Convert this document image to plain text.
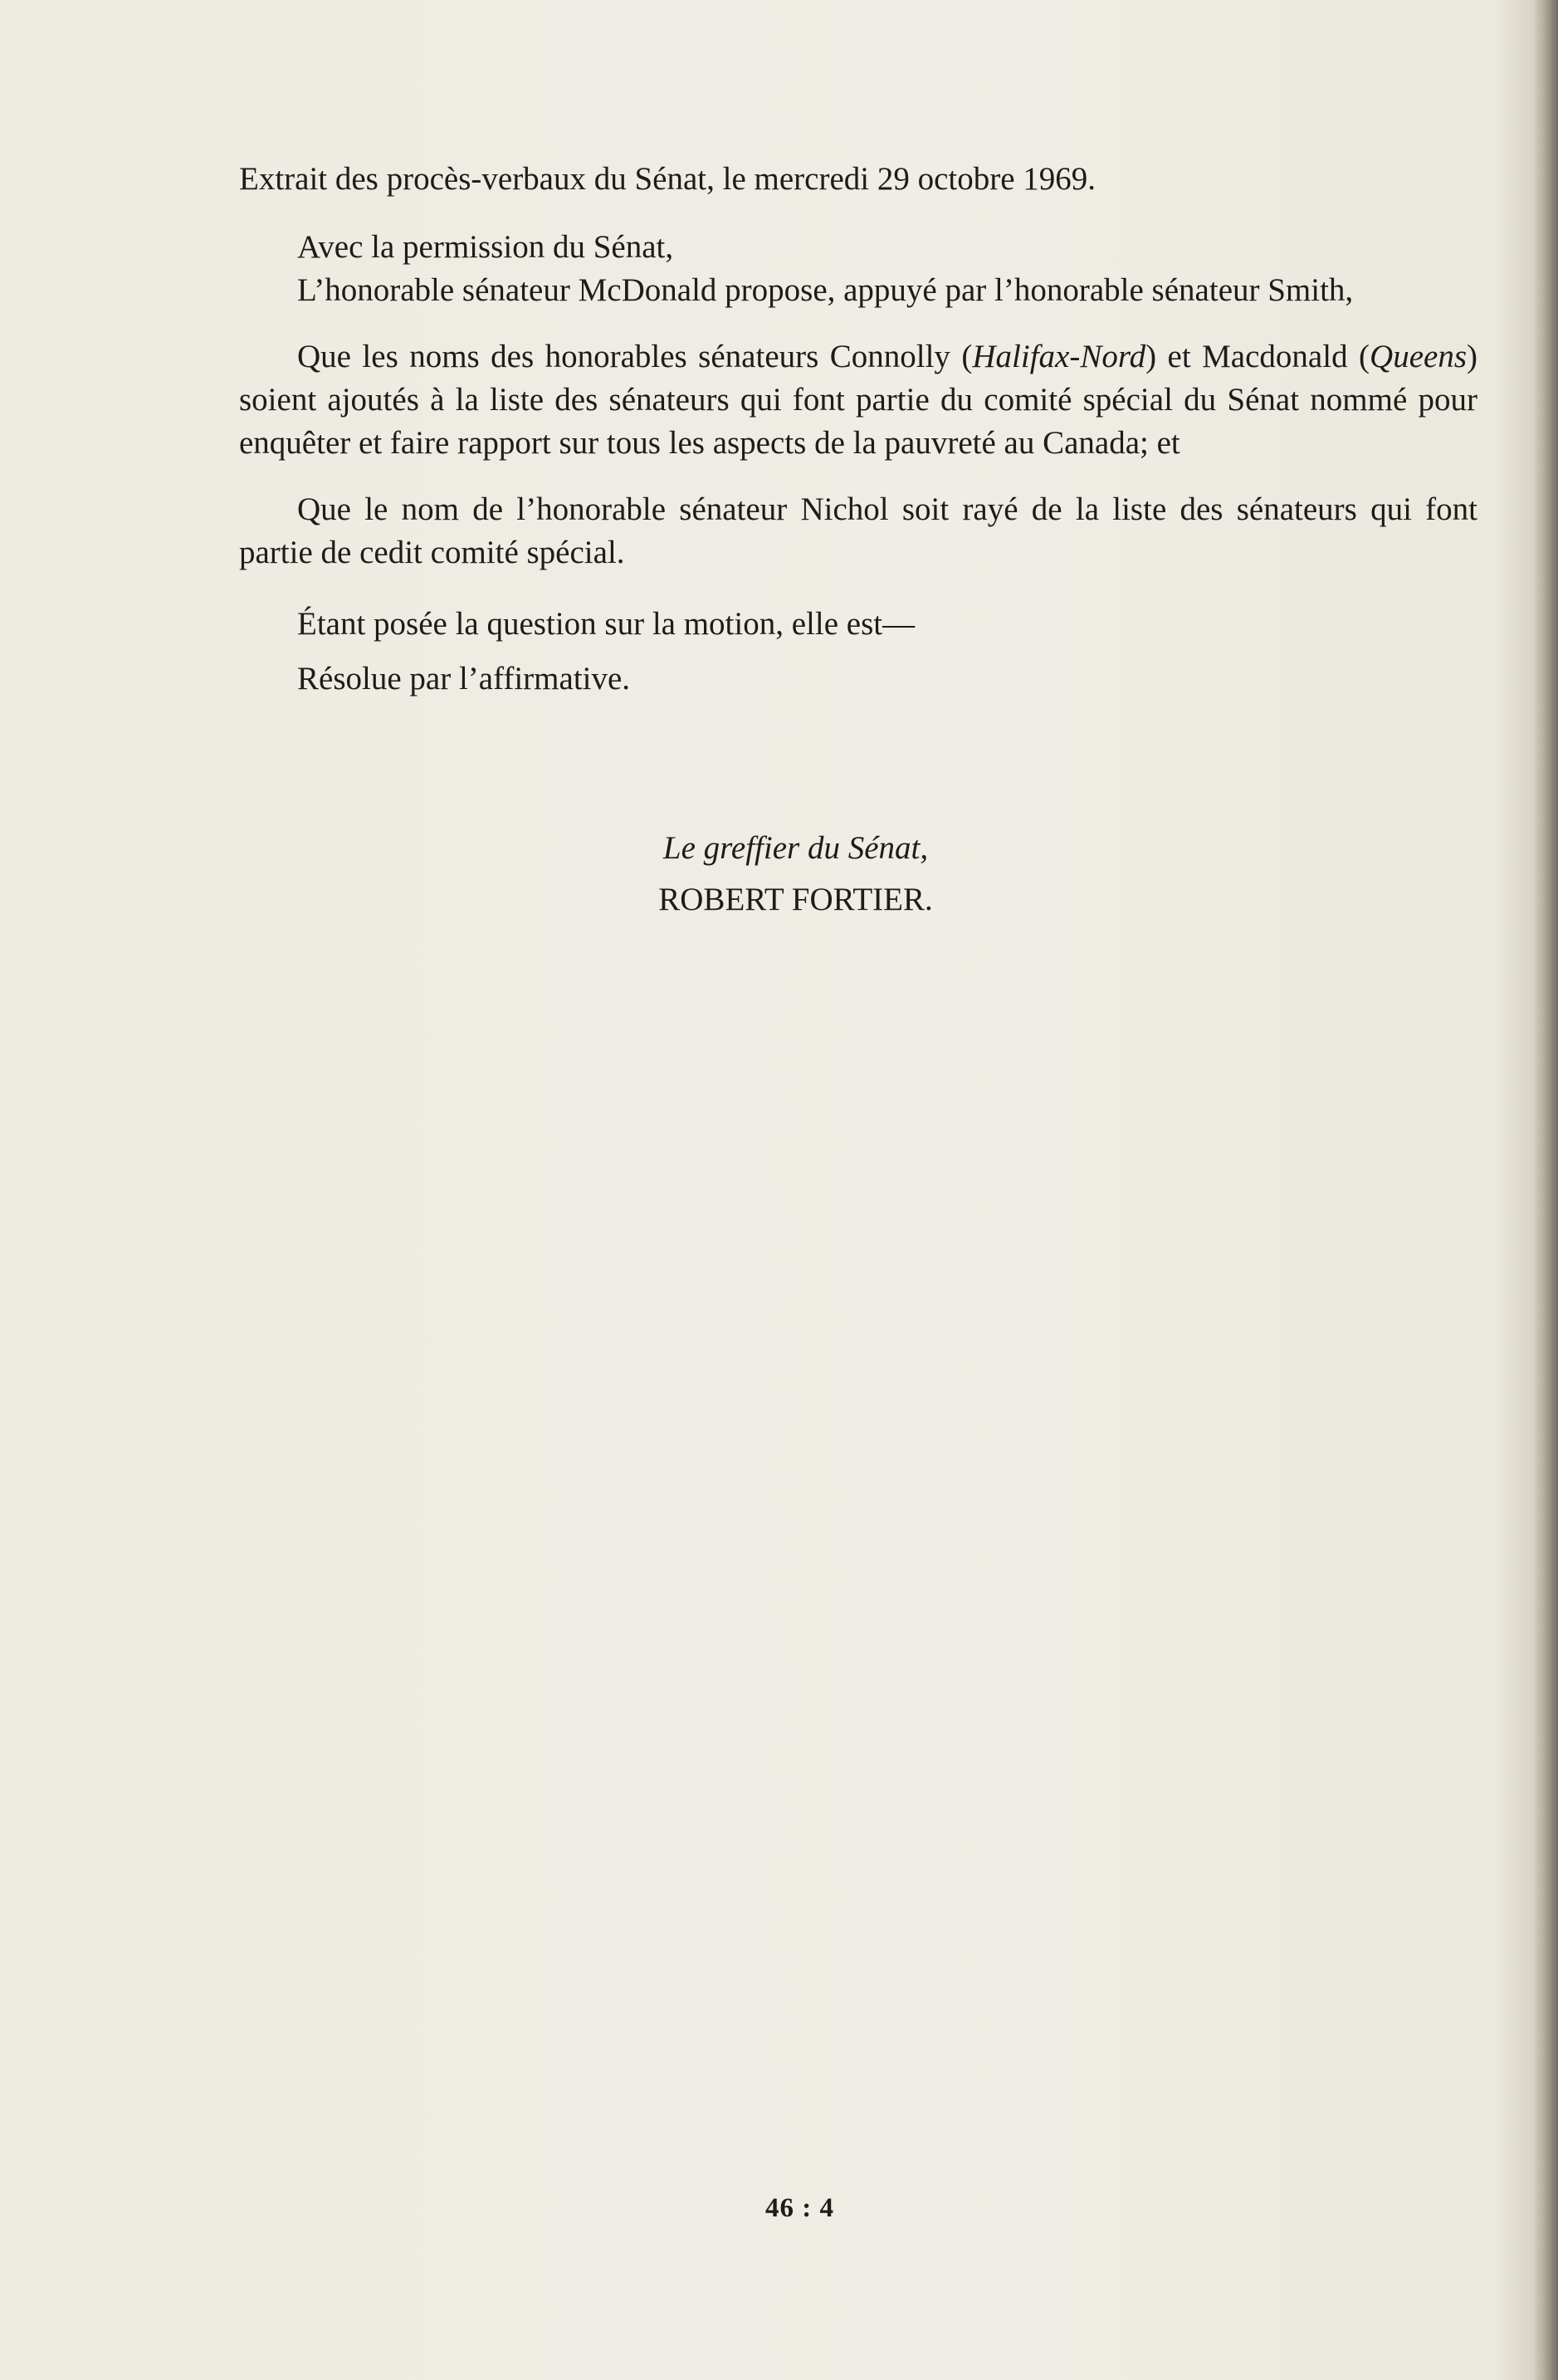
Extrait des procès-verbaux du Sénat, le mercredi 29 octobre 1969.

Avec la permission du Sénat,

L’honorable sénateur McDonald propose, appuyé par l’honorable sénateur Smith,

Que les noms des honorables sénateurs Connolly (Halifax-Nord) et Macdonald (Queens) soient ajoutés à la liste des sénateurs qui font partie du comité spécial du Sénat nommé pour enquêter et faire rapport sur tous les aspects de la pauvreté au Canada; et

Que le nom de l’honorable sénateur Nichol soit rayé de la liste des sénateurs qui font partie de cedit comité spécial.

Étant posée la question sur la motion, elle est—

Résolue par l’affirmative.

Le greffier du Sénat,
ROBERT FORTIER.
46 : 4
